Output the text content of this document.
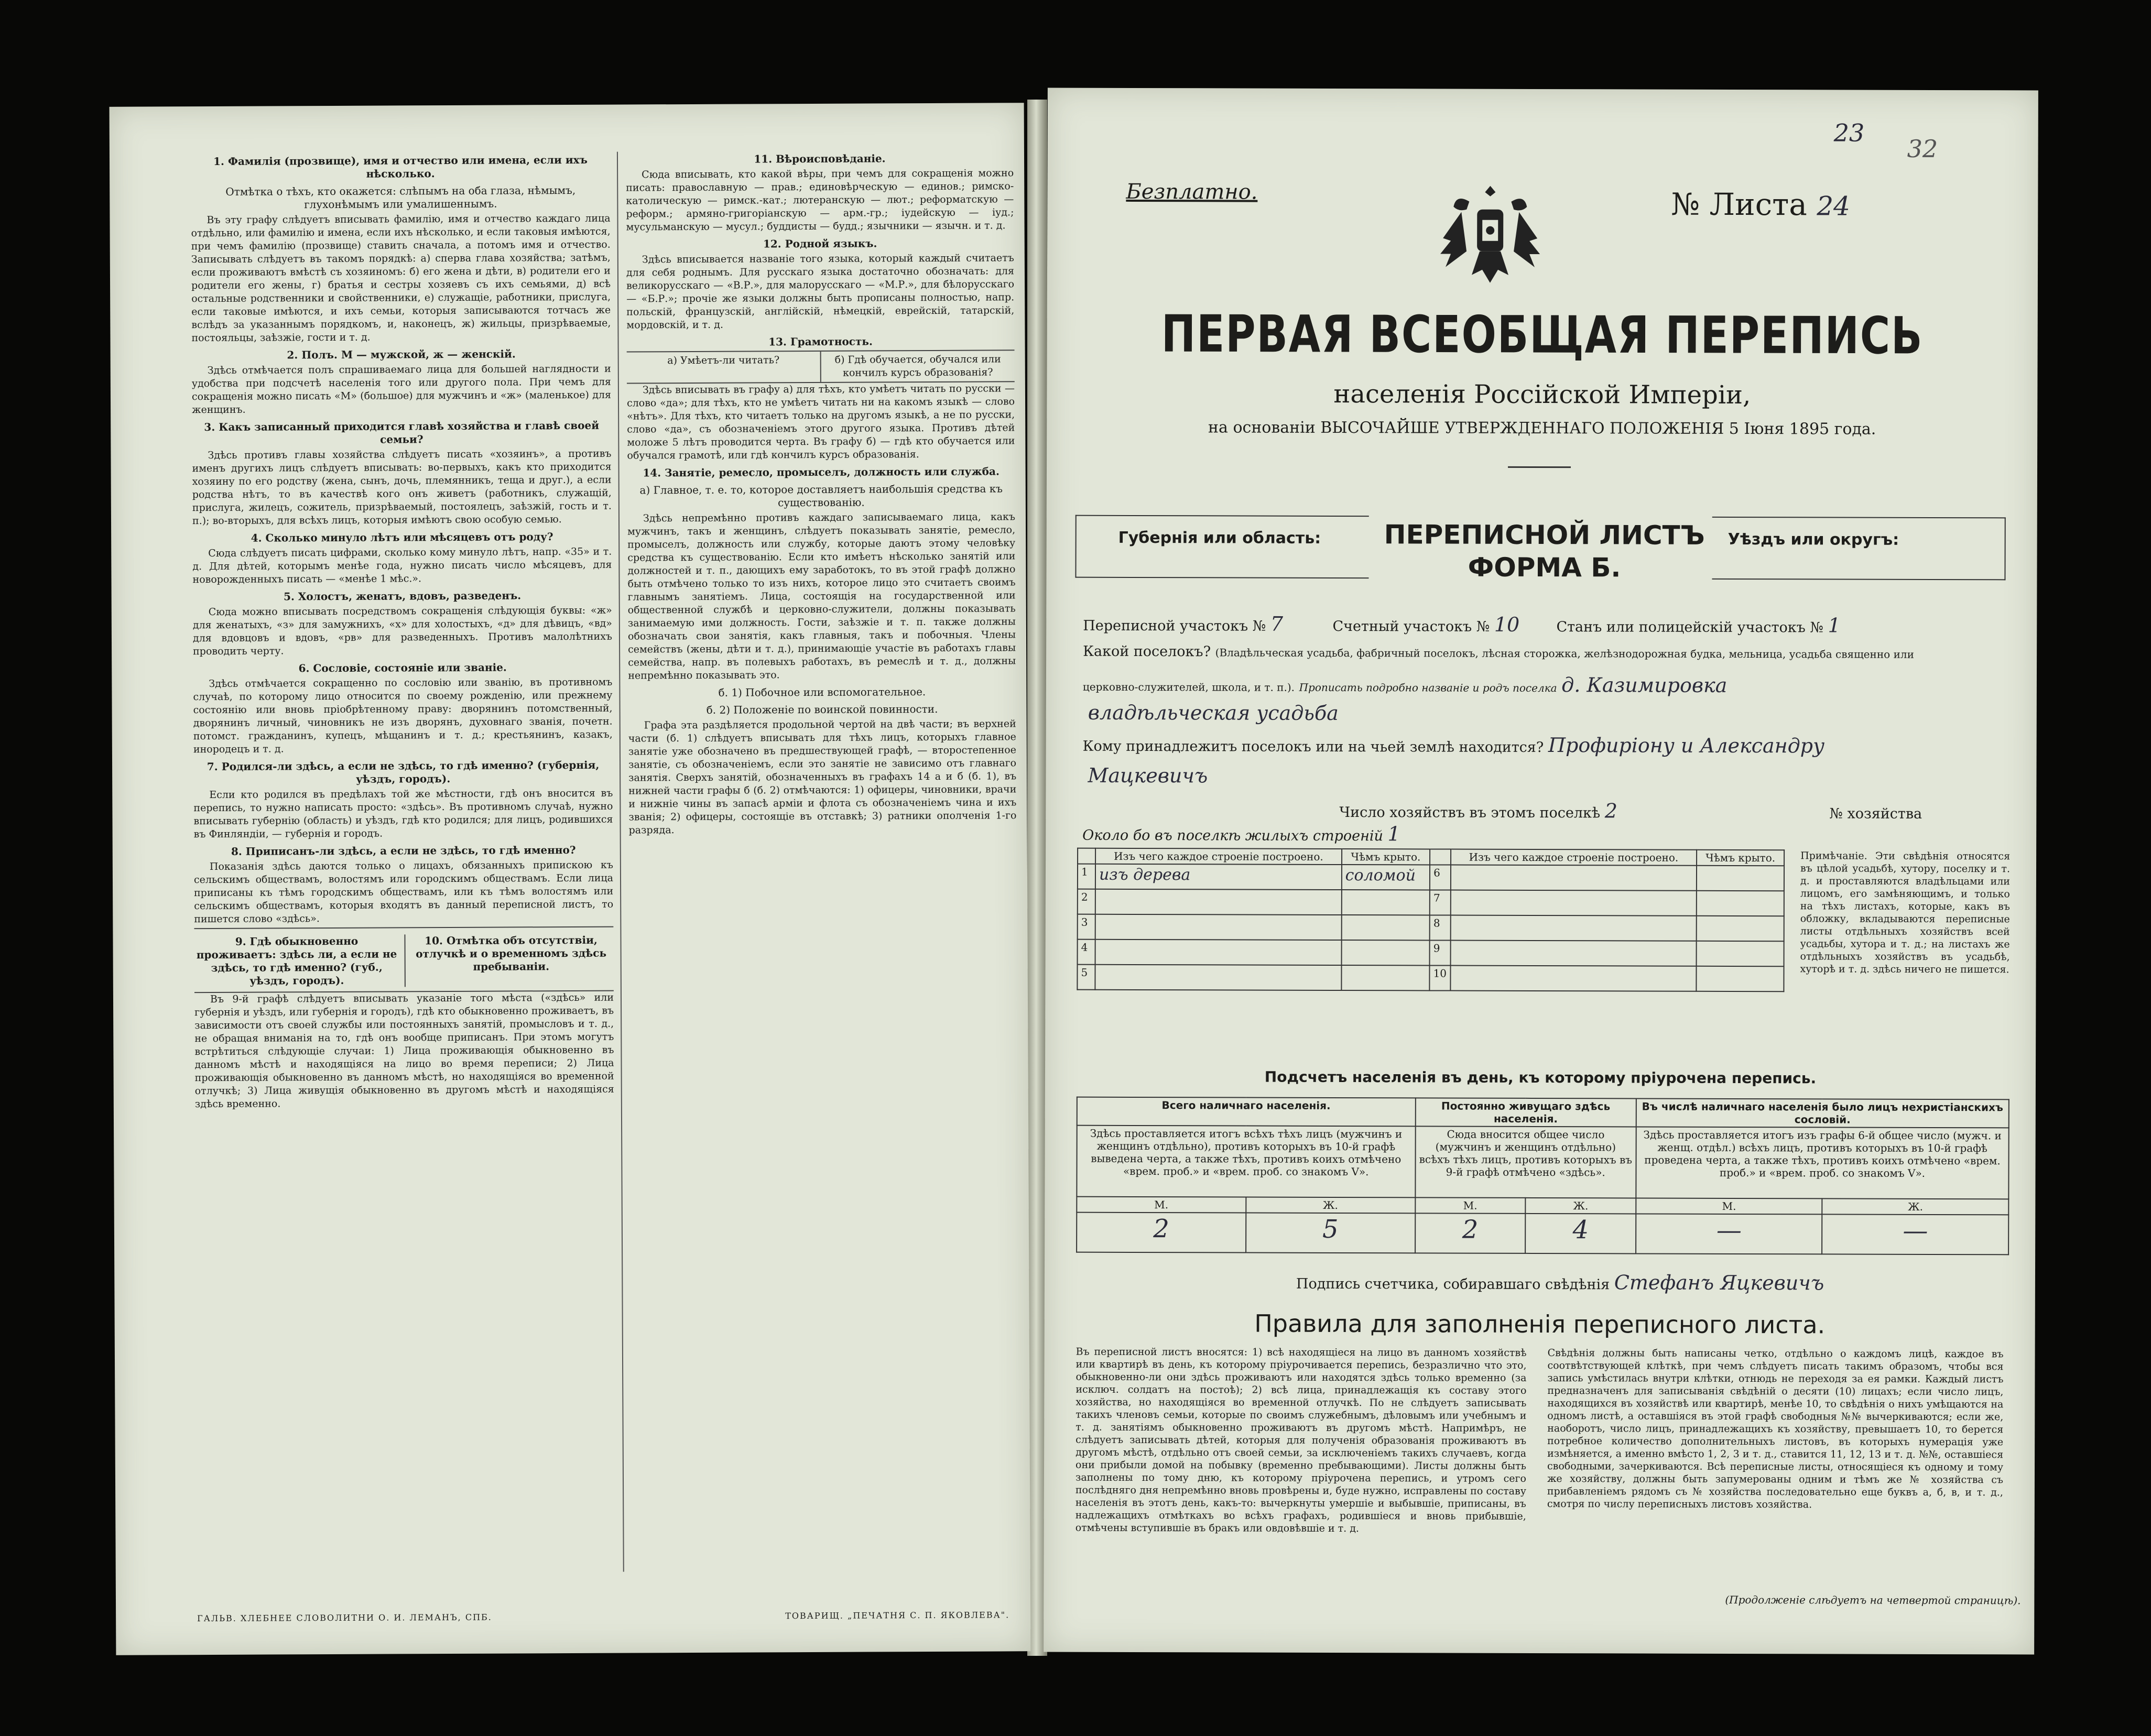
1. Фамилія (прозвище), имя и отчество или имена, если ихъ нѣсколько.
Отмѣтка о тѣхъ, кто окажется: слѣпымъ на оба глаза, нѣмымъ, глухонѣмымъ или умалишеннымъ.

Въ эту графу слѣдуетъ вписывать фамилію, имя и отчество каждаго лица отдѣльно, или фамилію и имена, если ихъ нѣсколько, и если таковыя имѣются, при чемъ фамилію (прозвище) ставить сначала, а потомъ имя и отчество. Записывать слѣдуетъ въ такомъ порядкѣ: а) сперва глава хозяйства; затѣмъ, если проживаютъ вмѣстѣ съ хозяиномъ: б) его жена и дѣти, в) родители его и родители его жены, г) братья и сестры хозяевъ съ ихъ семьями, д) всѣ остальные родственники и свойственники, е) служащіе, работники, прислуга, если таковые имѣются, и ихъ семьи, которыя записываются тотчасъ же вслѣдъ за указаннымъ порядкомъ, и, наконецъ, ж) жильцы, призрѣваемые, постояльцы, заѣзжіе, гости и т. д.

2. Полъ. М — мужской, ж — женскій.

Здѣсь отмѣчается полъ спрашиваемаго лица для большей наглядности и удобства при подсчетѣ населенія того или другого пола. При чемъ для сокращенія можно писать «М» (большое) для мужчинъ и «ж» (маленькое) для женщинъ.

3. Какъ записанный приходится главѣ хозяйства и главѣ своей семьи?

Здѣсь противъ главы хозяйства слѣдуетъ писать «хозяинъ», а противъ именъ другихъ лицъ слѣдуетъ вписывать: во-первыхъ, какъ кто приходится хозяину по его родству (жена, сынъ, дочь, племянникъ, теща и друг.), а если родства нѣтъ, то въ качествѣ кого онъ живетъ (работникъ, служащій, прислуга, жилецъ, сожитель, призрѣваемый, постоялецъ, заѣзжій, гость и т. п.); во-вторыхъ, для всѣхъ лицъ, которыя имѣютъ свою особую семью.

4. Сколько минуло лѣтъ или мѣсяцевъ отъ роду?

Сюда слѣдуетъ писать цифрами, сколько кому минуло лѣтъ, напр. «35» и т. д. Для дѣтей, которымъ менѣе года, нужно писать число мѣсяцевъ, для новорожденныхъ писать — «менѣе 1 мѣс.».

5. Холостъ, женатъ, вдовъ, разведенъ.

Сюда можно вписывать посредствомъ сокращенія слѣдующія буквы: «ж» для женатыхъ, «з» для замужнихъ, «х» для холостыхъ, «д» для дѣвицъ, «вд» для вдовцовъ и вдовъ, «рв» для разведенныхъ. Противъ малолѣтнихъ проводить черту.

6. Сословіе, состояніе или званіе.

Здѣсь отмѣчается сокращенно по сословію или званію, въ противномъ случаѣ, по которому лицо относится по своему рожденію, или прежнему состоянію или вновь пріобрѣтенному праву: дворянинъ потомственный, дворянинъ личный, чиновникъ не изъ дворянъ, духовнаго званія, почетн. потомст. гражданинъ, купецъ, мѣщанинъ и т. д.; крестьянинъ, казакъ, инородецъ и т. д.

7. Родился-ли здѣсь, а если не здѣсь, то гдѣ именно? (губернія, уѣздъ, городъ).

Если кто родился въ предѣлахъ той же мѣстности, гдѣ онъ вносится въ перепись, то нужно написать просто: «здѣсь». Въ противномъ случаѣ, нужно вписывать губернію (область) и уѣздъ, гдѣ кто родился; для лицъ, родившихся въ Финляндіи, — губернія и городъ.

8. Приписанъ-ли здѣсь, а если не здѣсь, то гдѣ именно?

Показанія здѣсь даются только о лицахъ, обязанныхъ припискою къ сельскимъ обществамъ, волостямъ или городскимъ обществамъ. Если лица приписаны къ тѣмъ городскимъ обществамъ, или къ тѣмъ волостямъ или сельскимъ обществамъ, которыя входятъ въ данный переписной листъ, то пишется слово «здѣсь».

9. Гдѣ обыкновенно проживаетъ: здѣсь ли, а если не здѣсь, то гдѣ именно? (губ., уѣздъ, городъ).
10. Отмѣтка объ отсутствіи, отлучкѣ и о временномъ здѣсь пребываніи.

Въ 9-й графѣ слѣдуетъ вписывать указаніе того мѣста («здѣсь» или губернія и уѣздъ, или губернія и городъ), гдѣ кто обыкновенно проживаетъ, въ зависимости отъ своей службы или постоянныхъ занятій, промысловъ и т. д., не обращая вниманія на то, гдѣ онъ вообще приписанъ. При этомъ могутъ встрѣтиться слѣдующіе случаи: 1) Лица проживающія обыкновенно въ данномъ мѣстѣ и находящіяся на лицо во время переписи; 2) Лица проживающія обыкновенно въ данномъ мѣстѣ, но находящіяся во временной отлучкѣ; 3) Лица живущія обыкновенно въ другомъ мѣстѣ и находящіяся здѣсь временно.

11. Вѣроисповѣданіе.

Сюда вписывать, кто какой вѣры, при чемъ для сокращенія можно писать: православную — прав.; единовѣрческую — единов.; римско-католическую — римск.-кат.; лютеранскую — лют.; реформатскую — реформ.; армяно-григоріанскую — арм.-гр.; іудейскую — іуд.; мусульманскую — мусул.; буддисты — будд.; язычники — язычн. и т. д.

12. Родной языкъ.

Здѣсь вписывается названіе того языка, который каждый считаетъ для себя роднымъ. Для русскаго языка достаточно обозначать: для великорусскаго — «В.Р.», для малорусскаго — «М.Р.», для бѣлорусскаго — «Б.Р.»; прочіе же языки должны быть прописаны полностью, напр. польскій, французскій, англійскій, нѣмецкій, еврейскій, татарскій, мордовскій, и т. д.

13. Грамотность.
а) Умѣетъ-ли читать?	б) Гдѣ обучается, обучался или кончилъ курсъ образованія?

Здѣсь вписывать въ графу а) для тѣхъ, кто умѣетъ читать по русски — слово «да»; для тѣхъ, кто не умѣетъ читать ни на какомъ языкѣ — слово «нѣтъ». Для тѣхъ, кто читаетъ только на другомъ языкѣ, а не по русски, слово «да», съ обозначеніемъ этого другого языка. Противъ дѣтей моложе 5 лѣтъ проводится черта. Въ графу б) — гдѣ кто обучается или обучался грамотѣ, или гдѣ кончилъ курсъ образованія.

14. Занятіе, ремесло, промыселъ, должность или служба.
а) Главное, т. е. то, которое доставляетъ наибольшія средства къ существованію.

Здѣсь непремѣнно противъ каждаго записываемаго лица, какъ мужчинъ, такъ и женщинъ, слѣдуетъ показывать занятіе, ремесло, промыселъ, должность или службу, которые даютъ этому человѣку средства къ существованію. Если кто имѣетъ нѣсколько занятій или должностей и т. п., дающихъ ему заработокъ, то въ этой графѣ должно быть отмѣчено только то изъ нихъ, которое лицо это считаетъ своимъ главнымъ занятіемъ. Лица, состоящія на государственной или общественной службѣ и церковно-служители, должны показывать занимаемую ими должность. Гости, заѣзжіе и т. п. также должны обозначать свои занятія, какъ главныя, такъ и побочныя. Члены семействъ (жены, дѣти и т. д.), принимающіе участіе въ работахъ главы семейства, напр. въ полевыхъ работахъ, въ ремеслѣ и т. д., должны непремѣнно показывать это.

б. 1) Побочное или вспомогательное.
б. 2) Положеніе по воинской повинности.

Графа эта раздѣляется продольной чертой на двѣ части; въ верхней части (б. 1) слѣдуетъ вписывать для тѣхъ лицъ, которыхъ главное занятіе уже обозначено въ предшествующей графѣ, — второстепенное занятіе, съ обозначеніемъ, если это занятіе не зависимо отъ главнаго занятія. Сверхъ занятій, обозначенныхъ въ графахъ 14 а и б (б. 1), въ нижней части графы б (б. 2) отмѣчаются: 1) офицеры, чиновники, врачи и нижніе чины въ запасѣ арміи и флота съ обозначеніемъ чина и ихъ званія; 2) офицеры, состоящіе въ отставкѣ; 3) ратники ополченія 1-го разряда.

ГАЛЬВ. ХЛЕБНЕЕ СЛОВОЛИТНИ О. И. ЛЕМАНЪ, СПБ.	ТОВАРИЩ. „ПЕЧАТНЯ С. П. ЯКОВЛЕВА".
23
32
Безплатно.	№ Листа 24
ПЕРВАЯ ВСЕОБЩАЯ ПЕРЕПИСЬ
населенія Россійской Имперіи,
на основаніи ВЫСОЧАЙШЕ УТВЕРЖДЕННАГО ПОЛОЖЕНІЯ 5 Іюня 1895 года.
Губернія или область:	ПЕРЕПИСНОЙ ЛИСТЪ
ФОРМА Б.
Уѣздъ или округъ:
Переписной участокъ № 7	Счетный участокъ № 10	Станъ или полицейскій участокъ № 1
Какой поселокъ? (Владѣльческая усадьба, фабричный поселокъ, лѣсная сторожка, желѣзнодорожная будка, мельница, усадьба священно или
церковно-служителей, школа, и т. п.). Прописать подробно названіе и родъ поселка д. Казимировка
владѣльческая усадьба
Кому принадлежитъ поселокъ или на чьей землѣ находится? Профиріону и Александру
Мацкевичъ
Число хозяйствъ въ этомъ поселкѣ 2	№ хозяйства
Около бо въ поселкѣ жилыхъ строеній 1
	Изъ чего каждое строеніе построено.	Чѣмъ крыто.		Изъ чего каждое строеніе построено.	Чѣмъ крыто.
1	изъ дерева	соломой	6		
2			7		
3			8		
4			9		
5			10		
Примѣчаніе. Эти свѣдѣнія относятся въ цѣлой усадьбѣ, хутору, поселку и т. д. и проставляются владѣльцами или лицомъ, его замѣняющимъ, и только на тѣхъ листахъ, которые, какъ въ обложку, вкладываются переписные листы отдѣльныхъ хозяйствъ всей усадьбы, хутора и т. д.; на листахъ же отдѣльныхъ хозяйствъ въ усадьбѣ, хуторѣ и т. д. здѣсь ничего не пишется.
Подсчетъ населенія въ день, къ которому пріурочена перепись.
Всего наличнаго населенія.		Постоянно живущаго здѣсь населенія.		Въ числѣ наличнаго населенія было лицъ нехристіанскихъ сословій.	
Здѣсь проставляется итогъ всѣхъ тѣхъ лицъ (мужчинъ и женщинъ отдѣльно), противъ которыхъ въ 10-й графѣ выведена черта, а также тѣхъ, противъ коихъ отмѣчено «врем. проб.» и «врем. проб. со знакомъ V».		Сюда вносится общее число (мужчинъ и женщинъ отдѣльно) всѣхъ тѣхъ лицъ, противъ которыхъ въ 9-й графѣ отмѣчено «здѣсь».		Здѣсь проставляется итогъ изъ графы 6-й общее число (мужч. и женщ. отдѣл.) всѣхъ лицъ, противъ которыхъ въ 10-й графѣ проведена черта, а также тѣхъ, противъ коихъ отмѣчено «врем. проб.» и «врем. проб. со знакомъ V».	
М.	Ж.	М.	Ж.	М.	Ж.
2	5	2	4	—	—
Подпись счетчика, собиравшаго свѣдѣнія Стефанъ Яцкевичъ
Правила для заполненія переписного листа.
Въ переписной листъ вносятся: 1) всѣ находящіеся на лицо въ данномъ хозяйствѣ или квартирѣ въ день, къ которому пріурочивается перепись, безразлично что это, обыкновенно-ли они здѣсь проживаютъ или находятся здѣсь только временно (за исключ. солдатъ на постоѣ); 2) всѣ лица, принадлежащія къ составу этого хозяйства, но находящіяся во временной отлучкѣ. По не слѣдуетъ записывать такихъ членовъ семьи, которые по своимъ служебнымъ, дѣловымъ или учебнымъ и т. д. занятіямъ обыкновенно проживаютъ въ другомъ мѣстѣ. Напримѣръ, не слѣдуетъ записывать дѣтей, которыя для полученія образованія проживаютъ въ другомъ мѣстѣ, отдѣльно отъ своей семьи, за исключеніемъ такихъ случаевъ, когда они прибыли домой на побывку (временно пребывающими). Листы должны быть заполнены по тому дню, къ которому пріурочена перепись, и утромъ сего послѣдняго дня непремѣнно вновь провѣрены и, буде нужно, исправлены по составу населенія въ этотъ день, какъ-то: вычеркнуты умершіе и выбывшіе, приписаны, въ надлежащихъ отмѣткахъ во всѣхъ графахъ, родившіеся и вновь прибывшіе, отмѣчены вступившіе въ бракъ или овдовѣвшіе и т. д.
Свѣдѣнія должны быть написаны четко, отдѣльно о каждомъ лицѣ, каждое въ соотвѣтствующей клѣткѣ, при чемъ слѣдуетъ писать такимъ образомъ, чтобы вся запись умѣстилась внутри клѣтки, отнюдь не переходя за ея рамки. Каждый листъ предназначенъ для записыванія свѣдѣній о десяти (10) лицахъ; если число лицъ, находящихся въ хозяйствѣ или квартирѣ, менѣе 10, то свѣдѣнія о нихъ умѣщаются на одномъ листѣ, а оставшіяся въ этой графѣ свободныя №№ вычеркиваются; если же, наоборотъ, число лицъ, принадлежащихъ къ хозяйству, превышаетъ 10, то берется потребное количество дополнительныхъ листовъ, въ которыхъ нумерація уже измѣняется, а именно вмѣсто 1, 2, 3 и т. д., ставится 11, 12, 13 и т. д. №№, оставшіеся свободными, зачеркиваются. Всѣ переписные листы, относящіеся къ одному и тому же хозяйству, должны быть запумерованы одним и тѣмъ же № хозяйства съ прибавленіемъ рядомъ съ № хозяйства последовательно еще буквъ а, б, в, и т. д., смотря по числу переписныхъ листовъ хозяйства.
(Продолженіе слѣдуетъ на четвертой страницѣ).
